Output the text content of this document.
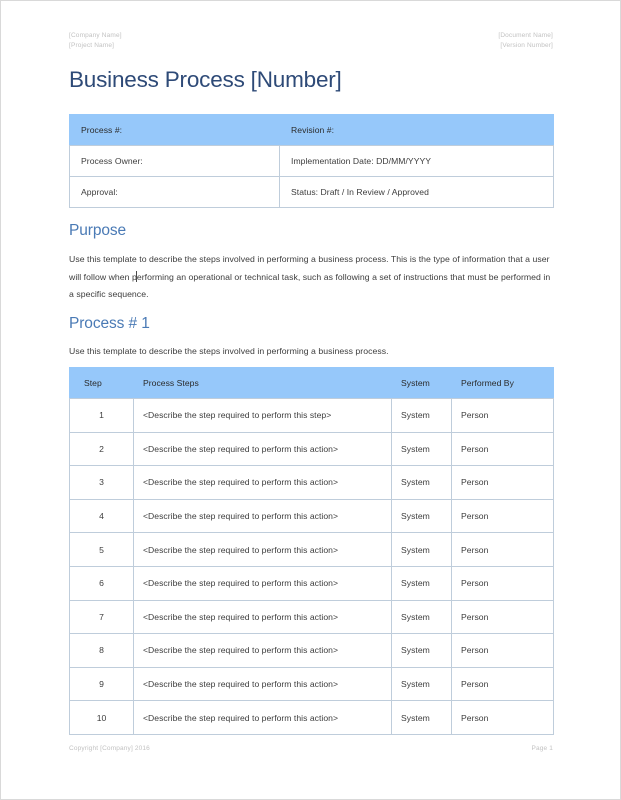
[Company Name]
[Project Name]
[Document Name]
[Version Number]
Business Process [Number]
Process #:	Revision #:
Process Owner:	Implementation Date: DD/MM/YYYY
Approval:	Status: Draft / In Review / Approved
Purpose
Use this template to describe the steps involved in performing a business process. This is the type of information that a user will follow when performing an operational or technical task, such as following a set of instructions that must be performed in a specific sequence.
Process # 1
Use this template to describe the steps involved in performing a business process.
Step	Process Steps	System	Performed By
1	<Describe the step required to perform this step>	System	Person
2	<Describe the step required to perform this action>	System	Person
3	<Describe the step required to perform this action>	System	Person
4	<Describe the step required to perform this action>	System	Person
5	<Describe the step required to perform this action>	System	Person
6	<Describe the step required to perform this action>	System	Person
7	<Describe the step required to perform this action>	System	Person
8	<Describe the step required to perform this action>	System	Person
9	<Describe the step required to perform this action>	System	Person
10	<Describe the step required to perform this action>	System	Person
Copyright [Company] 2016	Page 1
